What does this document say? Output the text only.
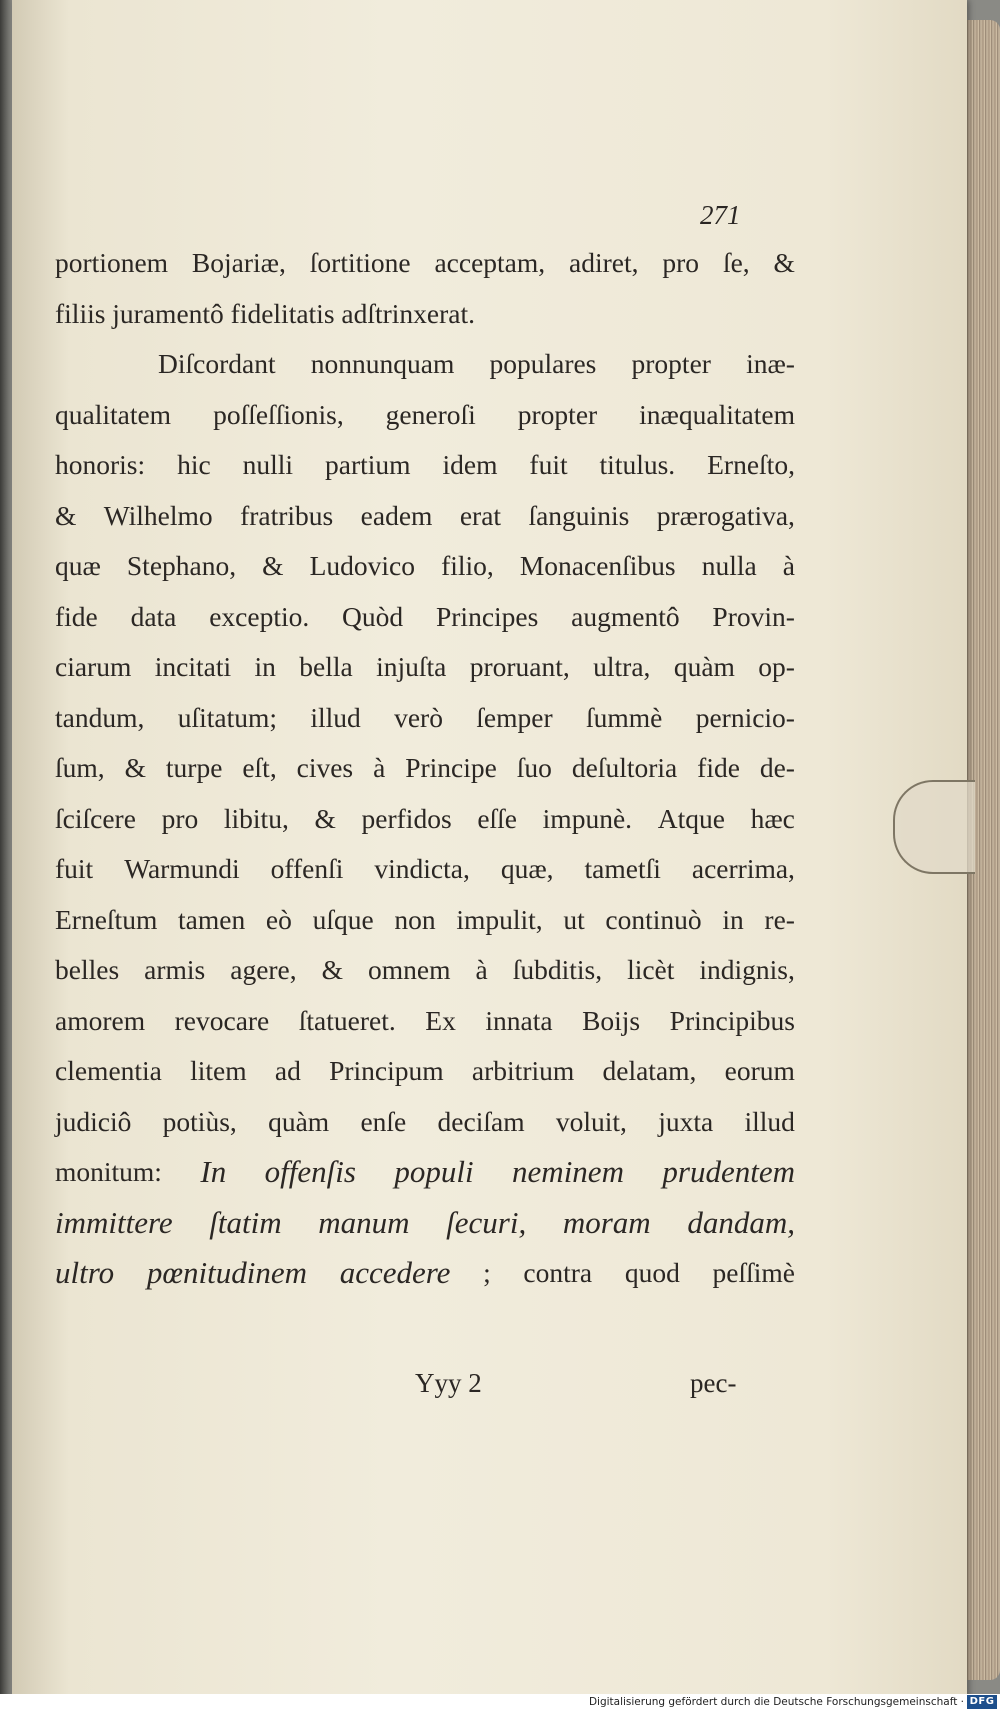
271
portionem Bojariæ, ſortitione acceptam, adiret, pro ſe, &
filiis juramentô fidelitatis adſtrinxerat.
Diſcordant nonnunquam populares propter inæ-
qualitatem poſſeſſionis, generoſi propter inæqualitatem
honoris: hic nulli partium idem fuit titulus. Erneſto,
& Wilhelmo fratribus eadem erat ſanguinis prærogativa,
quæ Stephano, & Ludovico filio, Monacenſibus nulla à
fide data exceptio. Quòd Principes augmentô Provin-
ciarum incitati in bella injuſta proruant, ultra, quàm op-
tandum, uſitatum; illud verò ſemper ſummè pernicio-
ſum, & turpe eſt, cives à Principe ſuo deſultoria fide de-
ſciſcere pro libitu, & perfidos eſſe impunè. Atque hæc
fuit Warmundi offenſi vindicta, quæ, tametſi acerrima,
Erneſtum tamen eò uſque non impulit, ut continuò in re-
belles armis agere, & omnem à ſubditis, licèt indignis,
amorem revocare ſtatueret. Ex innata Boijs Principibus
clementia litem ad Principum arbitrium delatam, eorum
judiciô potiùs, quàm enſe deciſam voluit, juxta illud
monitum: In offenſis populi neminem prudentem
immittere ſtatim manum ſecuri, moram dandam,
ultro pœnitudinem accedere ; contra quod peſſimè
Yyy 2	pec-
Digitalisierung gefördert durch die Deutsche Forschungsgemeinschaft · DFG
